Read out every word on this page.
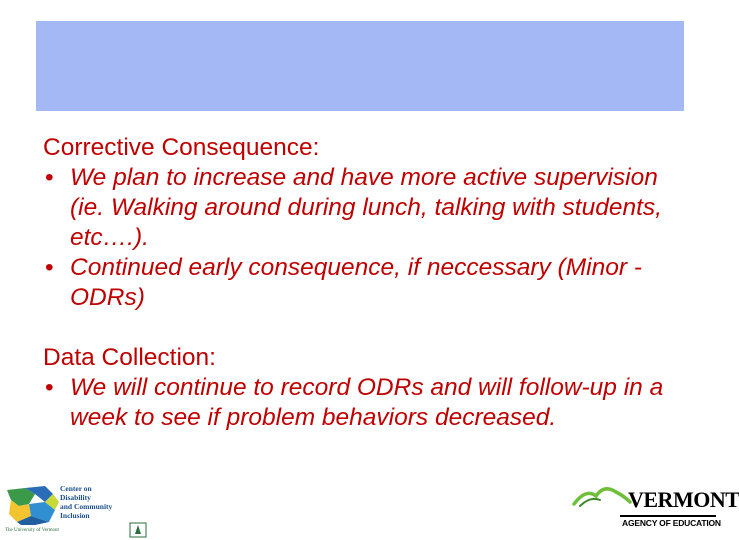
Corrective Consequence:

• We plan to increase and have more active supervision (ie. Walking around during lunch, talking with students, etc….).
• Continued early consequence, if neccessary (Minor -ODRs)

Data Collection:

• We will continue to record ODRs and will follow-up in a week to see if problem behaviors decreased.
Center on
Disability
and Community
Inclusion
The University of Vermont
VERMONT
AGENCY OF EDUCATION
